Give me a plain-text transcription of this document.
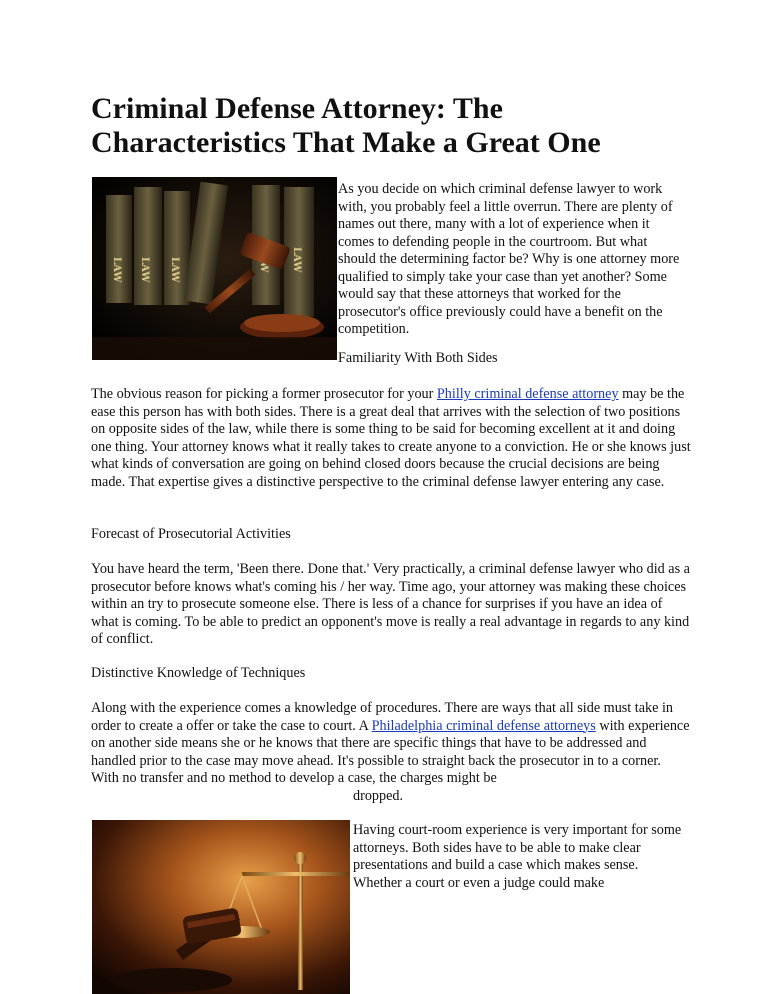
Criminal Defense Attorney: The
Characteristics That Make a Great One
LAW LAW LAW	LAW

As you decide on which criminal defense lawyer to work with, you probably feel a little overrun. There are plenty of names out there, many with a lot of experience when it comes to defending people in the courtroom. But what should the determining factor be? Why is one attorney more qualified to simply take your case than yet another? Some would say that these attorneys that worked for the prosecutor's office previously could have a benefit on the competition.

Familiarity With Both Sides

The obvious reason for picking a former prosecutor for your Philly criminal defense attorney may be the ease this person has with both sides. There is a great deal that arrives with the selection of two positions on opposite sides of the law, while there is some thing to be said for becoming excellent at it and doing one thing. Your attorney knows what it really takes to create anyone to a conviction. He or she knows just what kinds of conversation are going on behind closed doors because the crucial decisions are being made. That expertise gives a distinctive perspective to the criminal defense lawyer entering any case.

Forecast of Prosecutorial Activities

You have heard the term, 'Been there. Done that.' Very practically, a criminal defense lawyer who did as a prosecutor before knows what's coming his / her way. Time ago, your attorney was making these choices within an try to prosecute someone else. There is less of a chance for surprises if you have an idea of what is coming. To be able to predict an opponent's move is really a real advantage in regards to any kind of conflict.

Distinctive Knowledge of Techniques

Along with the experience comes a knowledge of procedures. There are ways that all side must take in order to create a offer or take the case to court. A Philadelphia criminal defense attorneys with experience on another side means she or he knows that there are specific things that have to be addressed and handled prior to the case may move ahead. It's possible to straight back the prosecutor in to a corner. With no transfer and no method to develop a case, the charges might be

dropped.

Having court-room experience is very important for some attorneys. Both sides have to be able to make clear presentations and build a case which makes sense. Whether a court or even a judge could make
